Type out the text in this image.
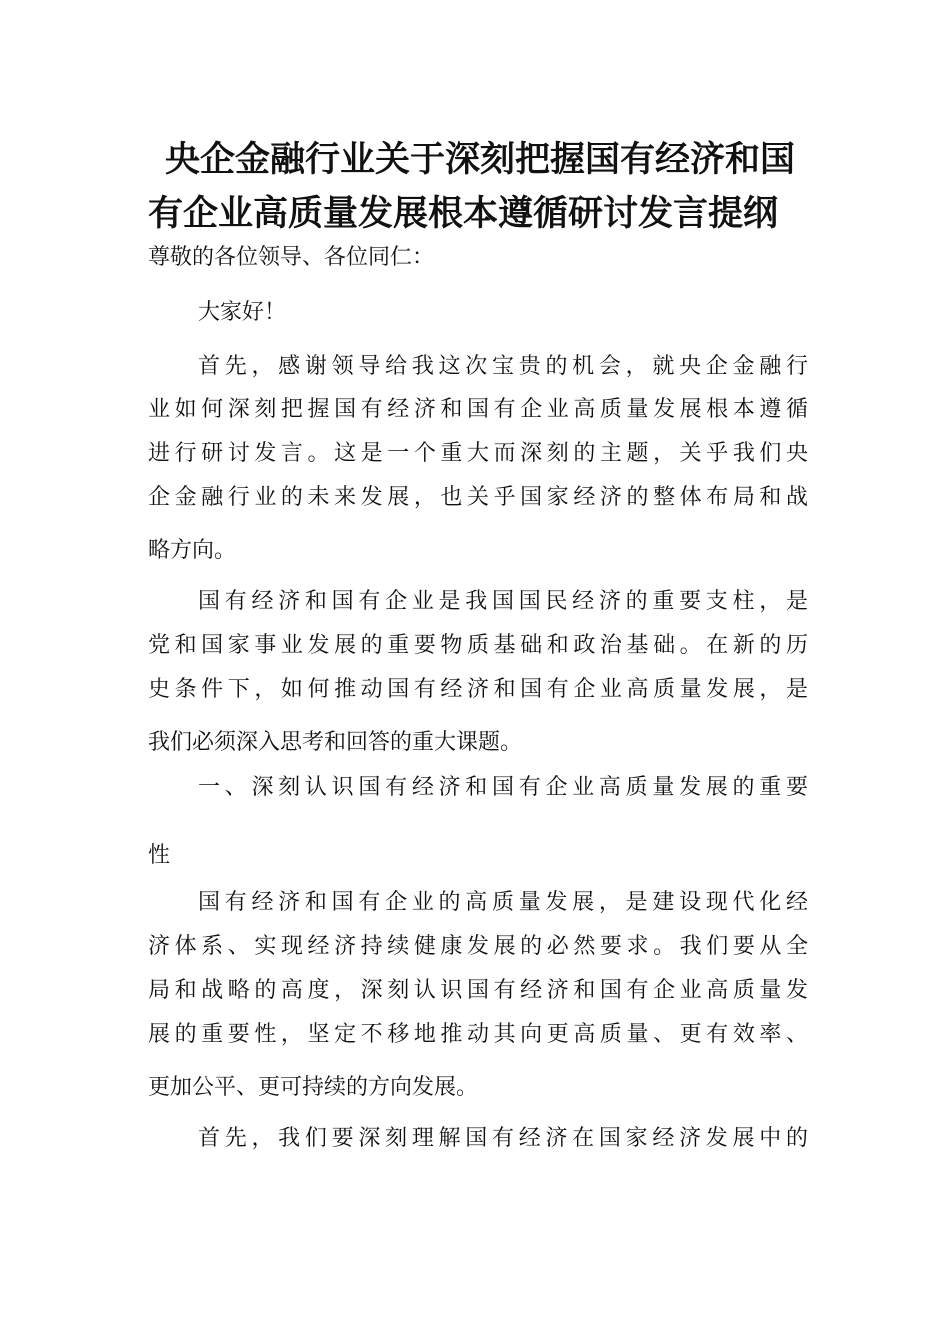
央企金融行业关于深刻把握国有经济和国
有企业高质量发展根本遵循研讨发言提纲
尊敬的各位领导、各位同仁：
大家好！
首先，感谢领导给我这次宝贵的机会，就央企金融行
业如何深刻把握国有经济和国有企业高质量发展根本遵循
进行研讨发言。这是一个重大而深刻的主题，关乎我们央
企金融行业的未来发展，也关乎国家经济的整体布局和战
略方向。
国有经济和国有企业是我国国民经济的重要支柱，是
党和国家事业发展的重要物质基础和政治基础。在新的历
史条件下，如何推动国有经济和国有企业高质量发展，是
我们必须深入思考和回答的重大课题。
一、深刻认识国有经济和国有企业高质量发展的重要
性
国有经济和国有企业的高质量发展，是建设现代化经
济体系、实现经济持续健康发展的必然要求。我们要从全
局和战略的高度，深刻认识国有经济和国有企业高质量发
展的重要性，坚定不移地推动其向更高质量、更有效率、
更加公平、更可持续的方向发展。
首先，我们要深刻理解国有经济在国家经济发展中的
